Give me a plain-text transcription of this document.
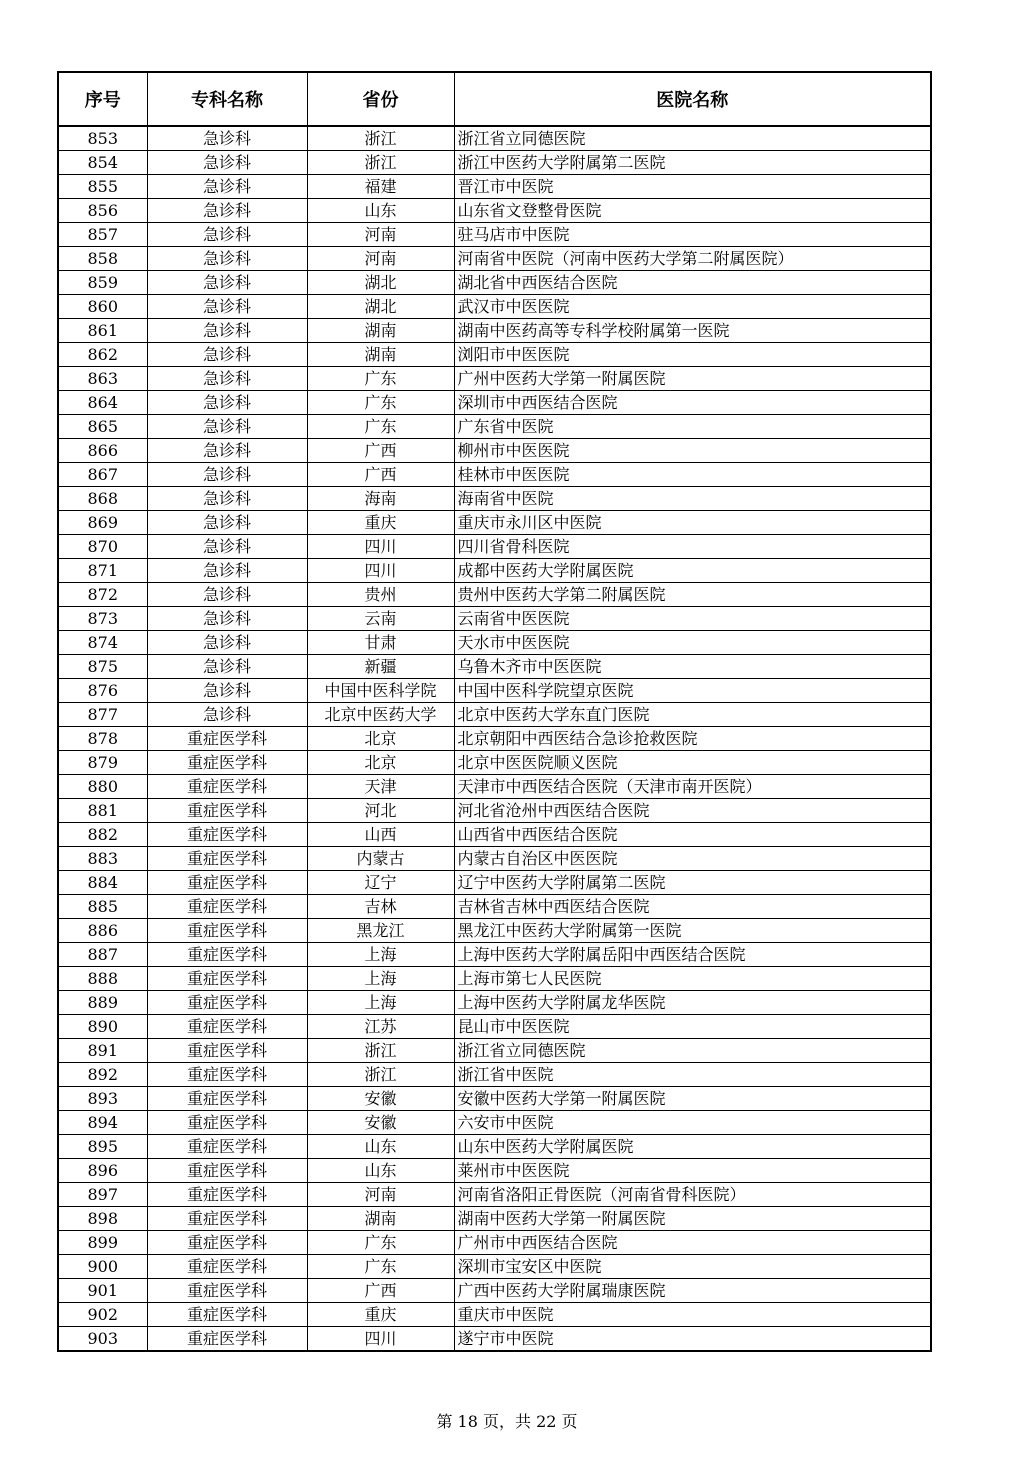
序号	专科名称	省份	医院名称
853	急诊科	浙江	浙江省立同德医院
854	急诊科	浙江	浙江中医药大学附属第二医院
855	急诊科	福建	晋江市中医院
856	急诊科	山东	山东省文登整骨医院
857	急诊科	河南	驻马店市中医院
858	急诊科	河南	河南省中医院（河南中医药大学第二附属医院）
859	急诊科	湖北	湖北省中西医结合医院
860	急诊科	湖北	武汉市中医医院
861	急诊科	湖南	湖南中医药高等专科学校附属第一医院
862	急诊科	湖南	浏阳市中医医院
863	急诊科	广东	广州中医药大学第一附属医院
864	急诊科	广东	深圳市中西医结合医院
865	急诊科	广东	广东省中医院
866	急诊科	广西	柳州市中医医院
867	急诊科	广西	桂林市中医医院
868	急诊科	海南	海南省中医院
869	急诊科	重庆	重庆市永川区中医院
870	急诊科	四川	四川省骨科医院
871	急诊科	四川	成都中医药大学附属医院
872	急诊科	贵州	贵州中医药大学第二附属医院
873	急诊科	云南	云南省中医医院
874	急诊科	甘肃	天水市中医医院
875	急诊科	新疆	乌鲁木齐市中医医院
876	急诊科	中国中医科学院	中国中医科学院望京医院
877	急诊科	北京中医药大学	北京中医药大学东直门医院
878	重症医学科	北京	北京朝阳中西医结合急诊抢救医院
879	重症医学科	北京	北京中医医院顺义医院
880	重症医学科	天津	天津市中西医结合医院（天津市南开医院）
881	重症医学科	河北	河北省沧州中西医结合医院
882	重症医学科	山西	山西省中西医结合医院
883	重症医学科	内蒙古	内蒙古自治区中医医院
884	重症医学科	辽宁	辽宁中医药大学附属第二医院
885	重症医学科	吉林	吉林省吉林中西医结合医院
886	重症医学科	黑龙江	黑龙江中医药大学附属第一医院
887	重症医学科	上海	上海中医药大学附属岳阳中西医结合医院
888	重症医学科	上海	上海市第七人民医院
889	重症医学科	上海	上海中医药大学附属龙华医院
890	重症医学科	江苏	昆山市中医医院
891	重症医学科	浙江	浙江省立同德医院
892	重症医学科	浙江	浙江省中医院
893	重症医学科	安徽	安徽中医药大学第一附属医院
894	重症医学科	安徽	六安市中医院
895	重症医学科	山东	山东中医药大学附属医院
896	重症医学科	山东	莱州市中医医院
897	重症医学科	河南	河南省洛阳正骨医院（河南省骨科医院）
898	重症医学科	湖南	湖南中医药大学第一附属医院
899	重症医学科	广东	广州市中西医结合医院
900	重症医学科	广东	深圳市宝安区中医院
901	重症医学科	广西	广西中医药大学附属瑞康医院
902	重症医学科	重庆	重庆市中医院
903	重症医学科	四川	遂宁市中医院
第 18 页，共 22 页
